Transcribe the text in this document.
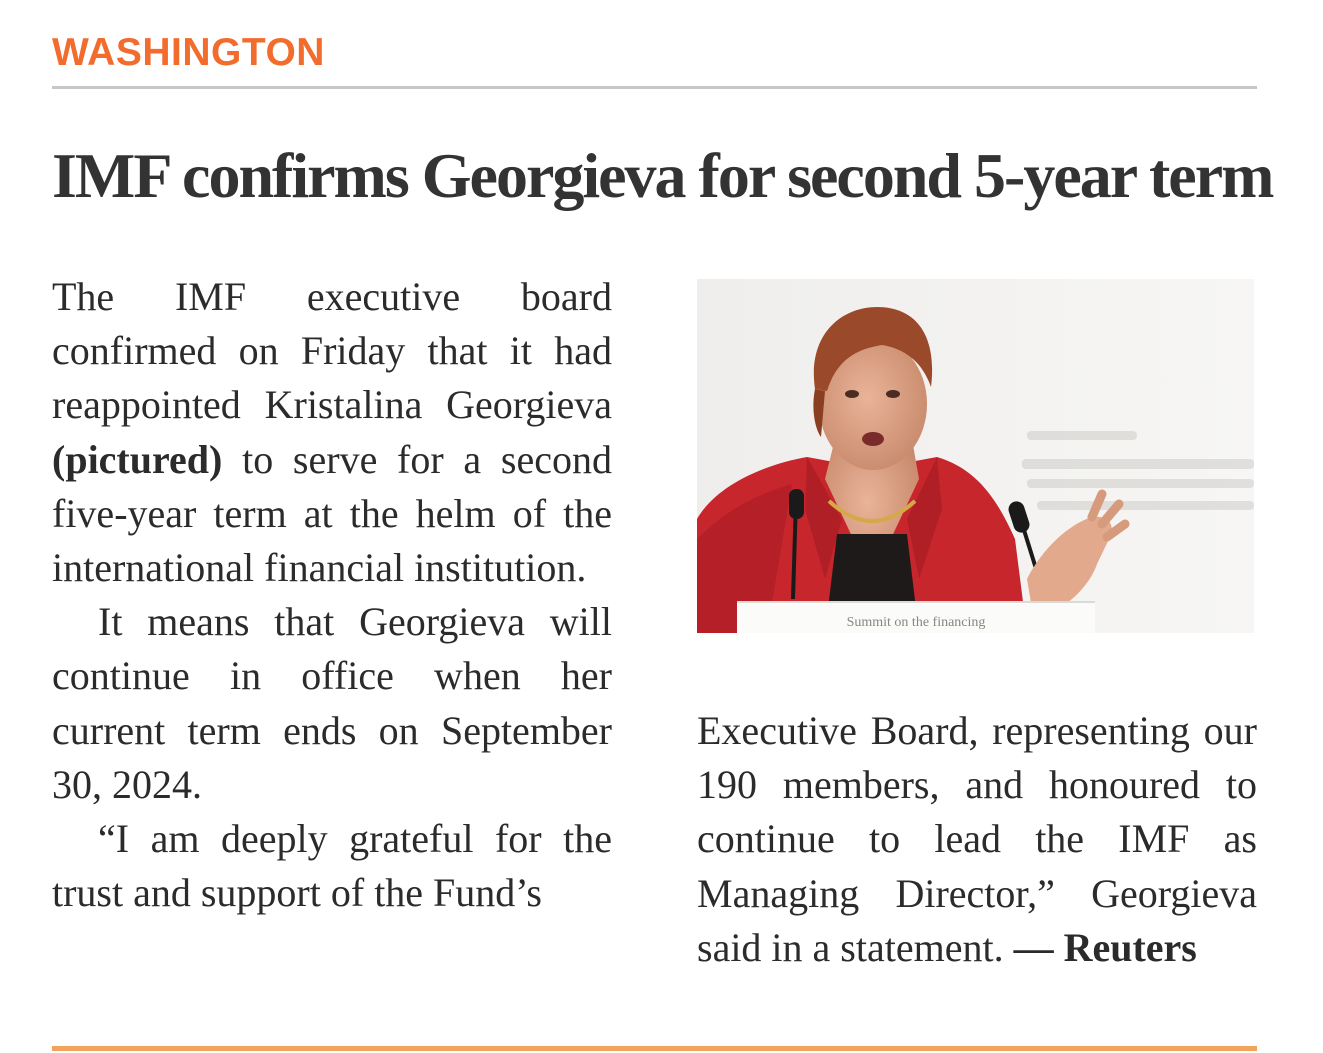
WASHINGTON
IMF confirms Georgieva for second 5-year term

The IMF executive board confirmed on Friday that it had reappointed Kristalina Georgieva (pictured) to serve for a second five-year term at the helm of the international financial institution.

It means that Georgieva will continue in office when her current term ends on September 30, 2024.

“I am deeply grateful for the trust and support of the Fund’s

Summit on the financing

Executive Board, representing our 190 members, and honoured to continue to lead the IMF as Managing Director,” Georgieva said in a statement. — Reuters
